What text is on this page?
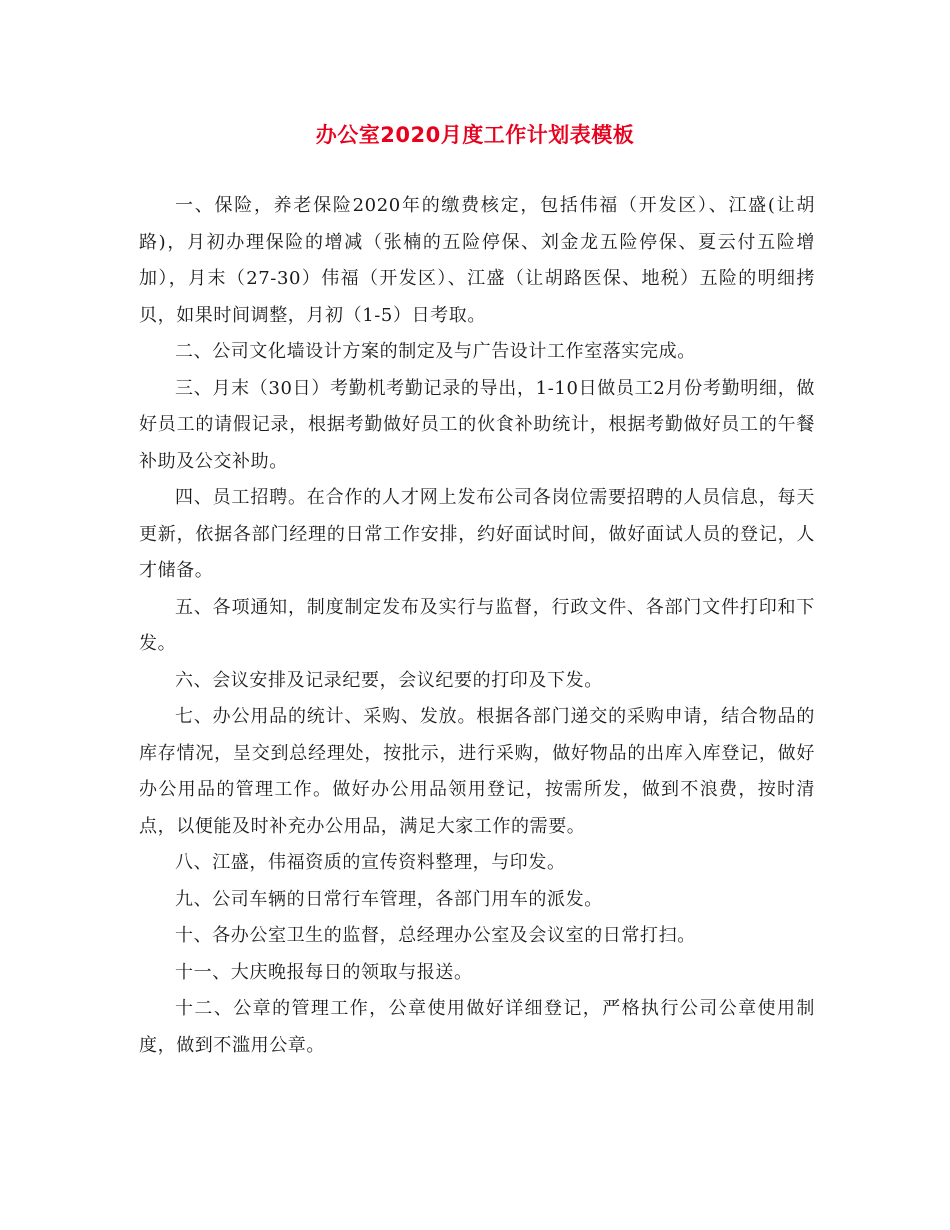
办公室2020月度工作计划表模板

一、保险，养老保险2020年的缴费核定，包括伟福（开发区）、江盛(让胡路)，月初办理保险的增减（张楠的五险停保、刘金龙五险停保、夏云付五险增加），月末（27-30）伟福（开发区）、江盛（让胡路医保、地税）五险的明细拷贝，如果时间调整，月初（1-5）日考取。

二、公司文化墙设计方案的制定及与广告设计工作室落实完成。

三、月末（30日）考勤机考勤记录的导出，1-10日做员工2月份考勤明细，做好员工的请假记录，根据考勤做好员工的伙食补助统计，根据考勤做好员工的午餐补助及公交补助。

四、员工招聘。在合作的人才网上发布公司各岗位需要招聘的人员信息，每天更新，依据各部门经理的日常工作安排，约好面试时间，做好面试人员的登记，人才储备。

五、各项通知，制度制定发布及实行与监督，行政文件、各部门文件打印和下发。

六、会议安排及记录纪要，会议纪要的打印及下发。

七、办公用品的统计、采购、发放。根据各部门递交的采购申请，结合物品的库存情况，呈交到总经理处，按批示，进行采购，做好物品的出库入库登记，做好办公用品的管理工作。做好办公用品领用登记，按需所发，做到不浪费，按时清点，以便能及时补充办公用品，满足大家工作的需要。

八、江盛，伟福资质的宣传资料整理，与印发。

九、公司车辆的日常行车管理，各部门用车的派发。

十、各办公室卫生的监督，总经理办公室及会议室的日常打扫。

十一、大庆晚报每日的领取与报送。

十二、公章的管理工作，公章使用做好详细登记，严格执行公司公章使用制度，做到不滥用公章。
